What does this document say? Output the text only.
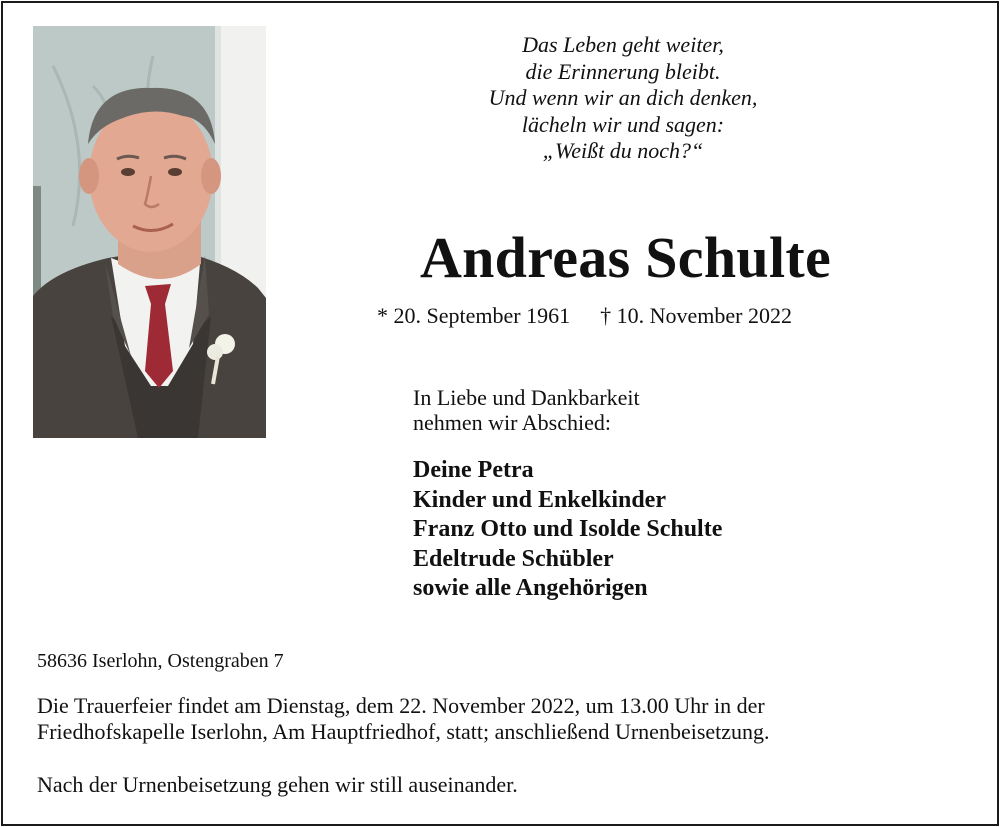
Das Leben geht weiter,
die Erinnerung bleibt.
Und wenn wir an dich denken,
lächeln wir und sagen:
„Weißt du noch?“
Andreas Schulte
* 20. September 1961 † 10. November 2022
In Liebe und Dankbarkeit
nehmen wir Abschied:
Deine Petra
Kinder und Enkelkinder
Franz Otto und Isolde Schulte
Edeltrude Schübler
sowie alle Angehörigen
58636 Iserlohn, Ostengraben 7
Die Trauerfeier findet am Dienstag, dem 22. November 2022, um 13.00 Uhr in der
Friedhofskapelle Iserlohn, Am Hauptfriedhof, statt; anschließend Urnenbeisetzung.
Nach der Urnenbeisetzung gehen wir still auseinander.
